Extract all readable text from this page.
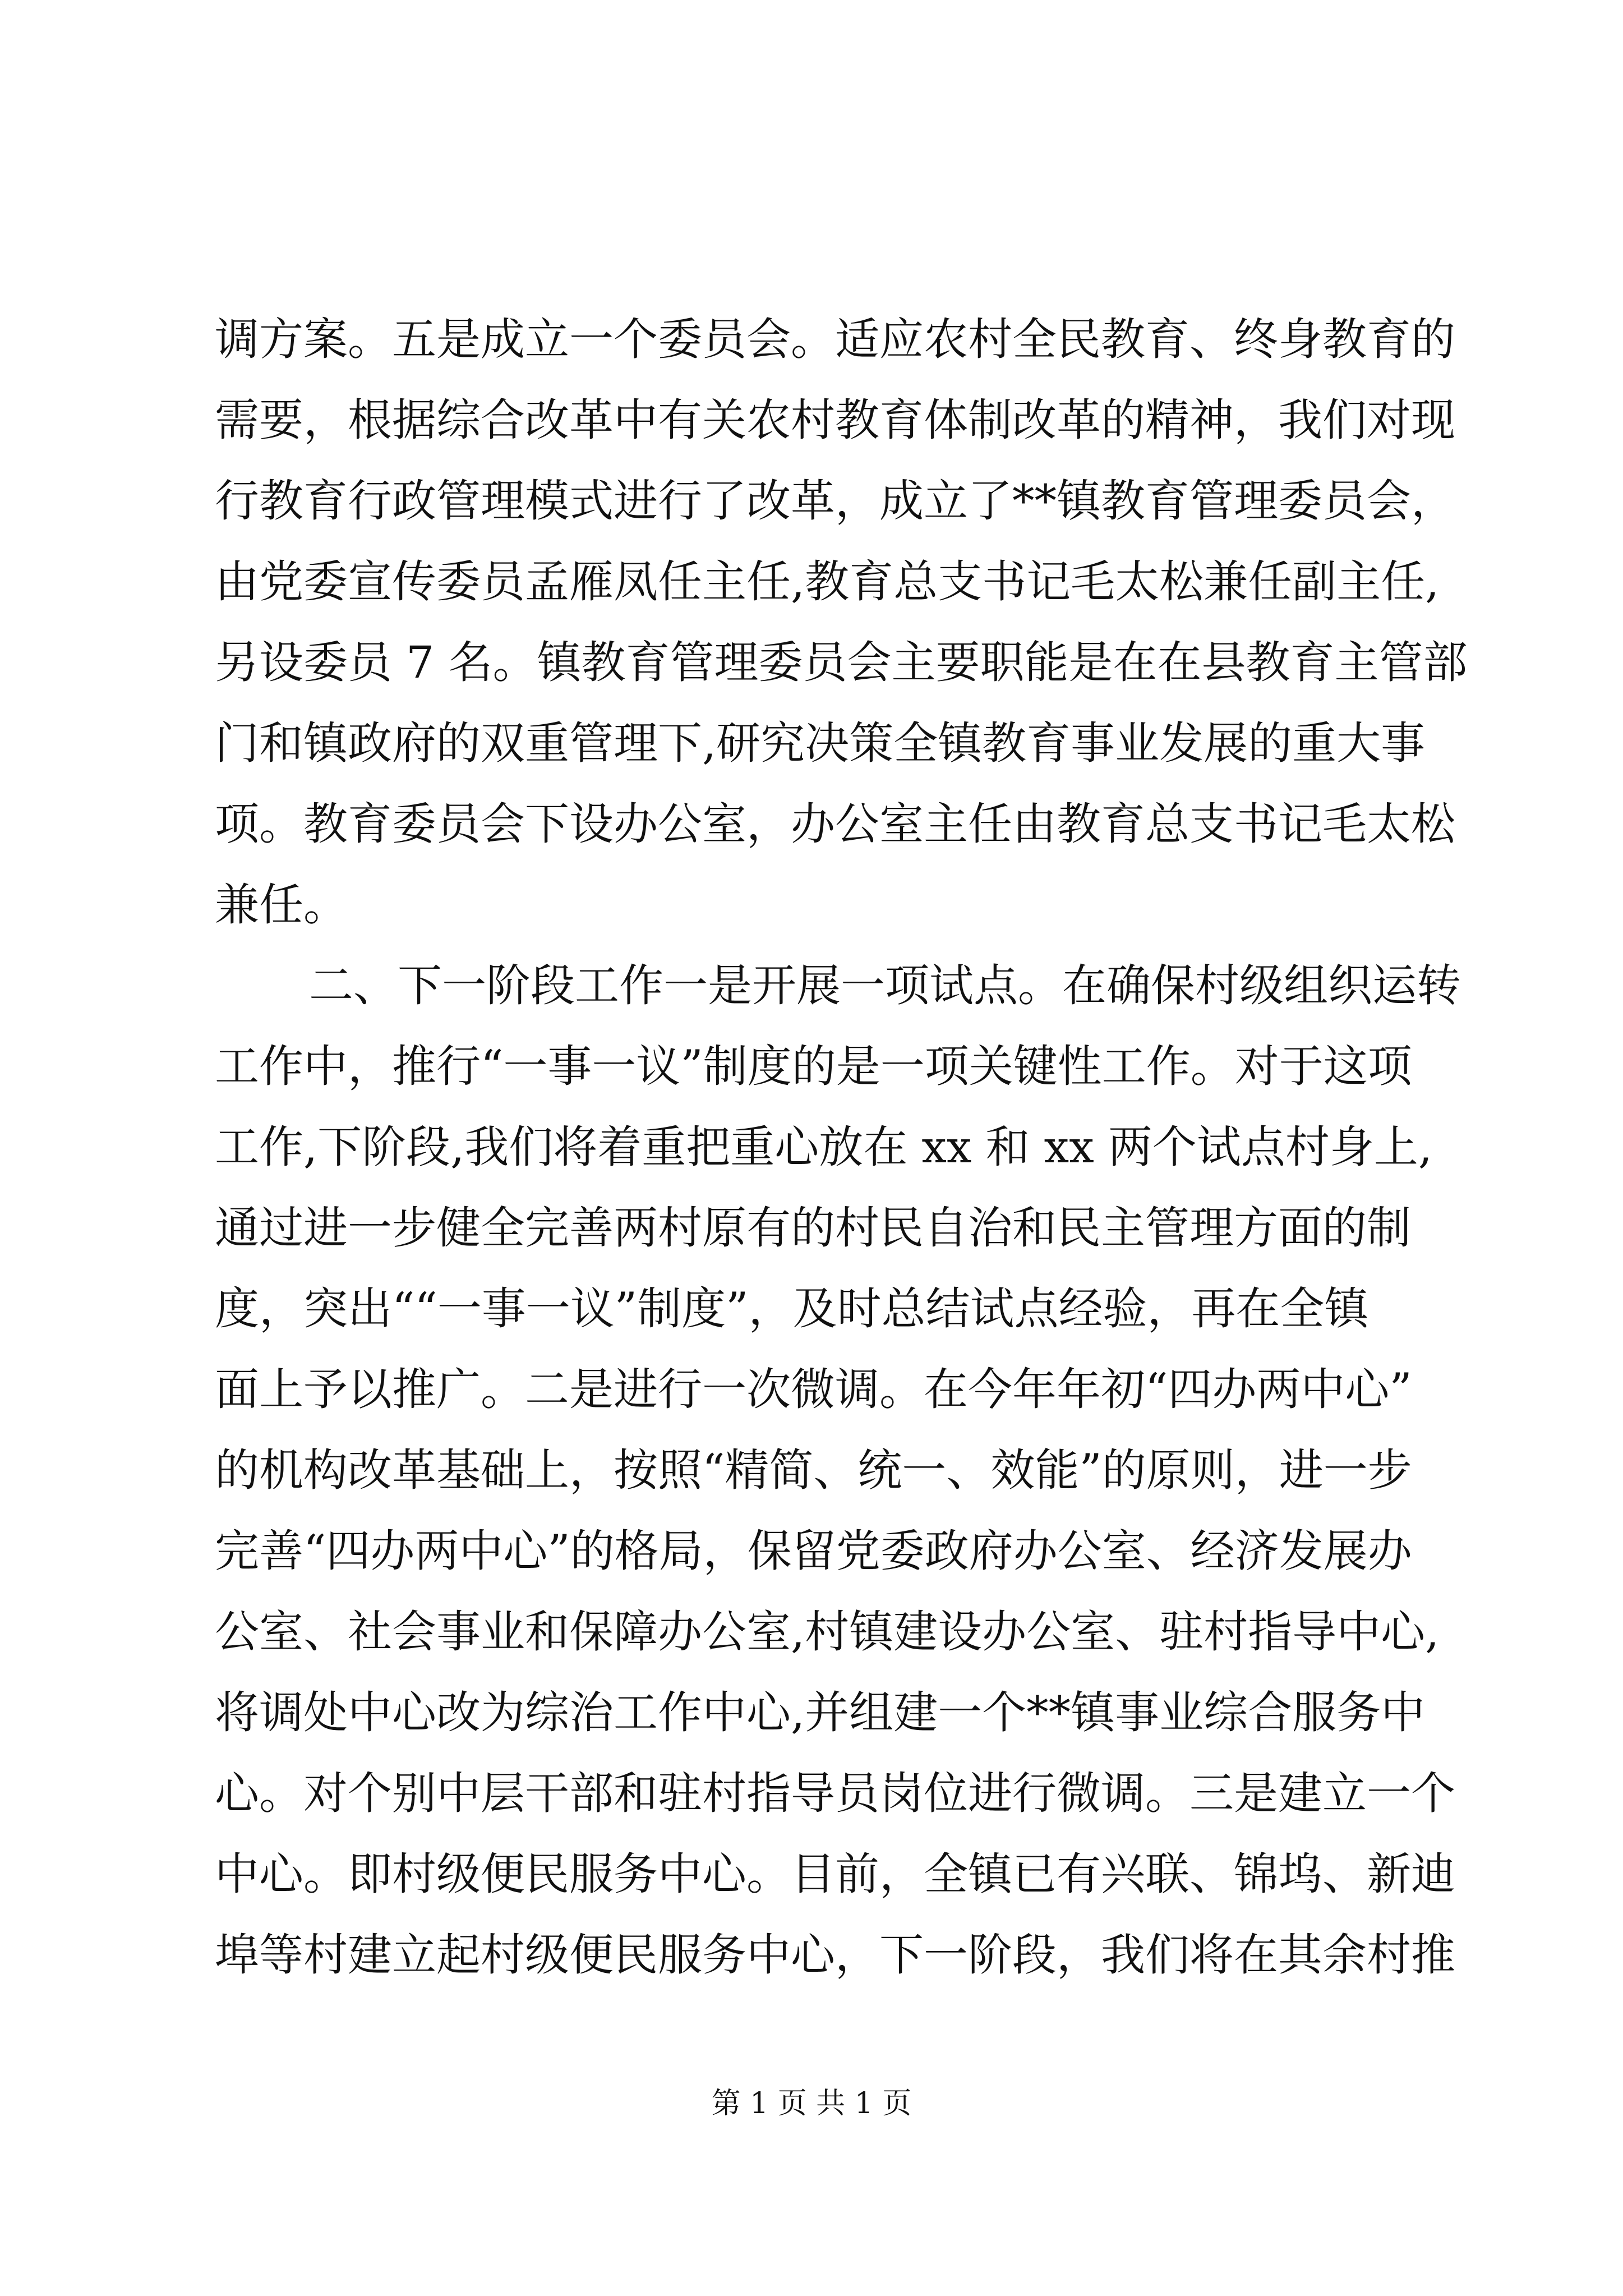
调方案。五是成立一个委员会。适应农村全民教育、终身教育的
需要，根据综合改革中有关农村教育体制改革的精神，我们对现
行教育行政管理模式进行了改革，成立了**镇教育管理委员会，
由党委宣传委员孟雁凤任主任,教育总支书记毛太松兼任副主任,
另设委员 7 名。镇教育管理委员会主要职能是在在县教育主管部
门和镇政府的双重管理下,研究决策全镇教育事业发展的重大事
项。教育委员会下设办公室，办公室主任由教育总支书记毛太松
兼任。
二、下一阶段工作一是开展一项试点。在确保村级组织运转
工作中，推行“一事一议”制度的是一项关键性工作。对于这项
工作,下阶段,我们将着重把重心放在 xx 和 xx 两个试点村身上,
通过进一步健全完善两村原有的村民自治和民主管理方面的制
度，突出““一事一议”制度”，及时总结试点经验，再在全镇
面上予以推广。二是进行一次微调。在今年年初“四办两中心”
的机构改革基础上，按照“精简、统一、效能”的原则，进一步
完善“四办两中心”的格局，保留党委政府办公室、经济发展办
公室、社会事业和保障办公室,村镇建设办公室、驻村指导中心,
将调处中心改为综治工作中心,并组建一个**镇事业综合服务中
心。对个别中层干部和驻村指导员岗位进行微调。三是建立一个
中心。即村级便民服务中心。目前，全镇已有兴联、锦坞、新迪
埠等村建立起村级便民服务中心，下一阶段，我们将在其余村推
第 1 页 共 1 页
